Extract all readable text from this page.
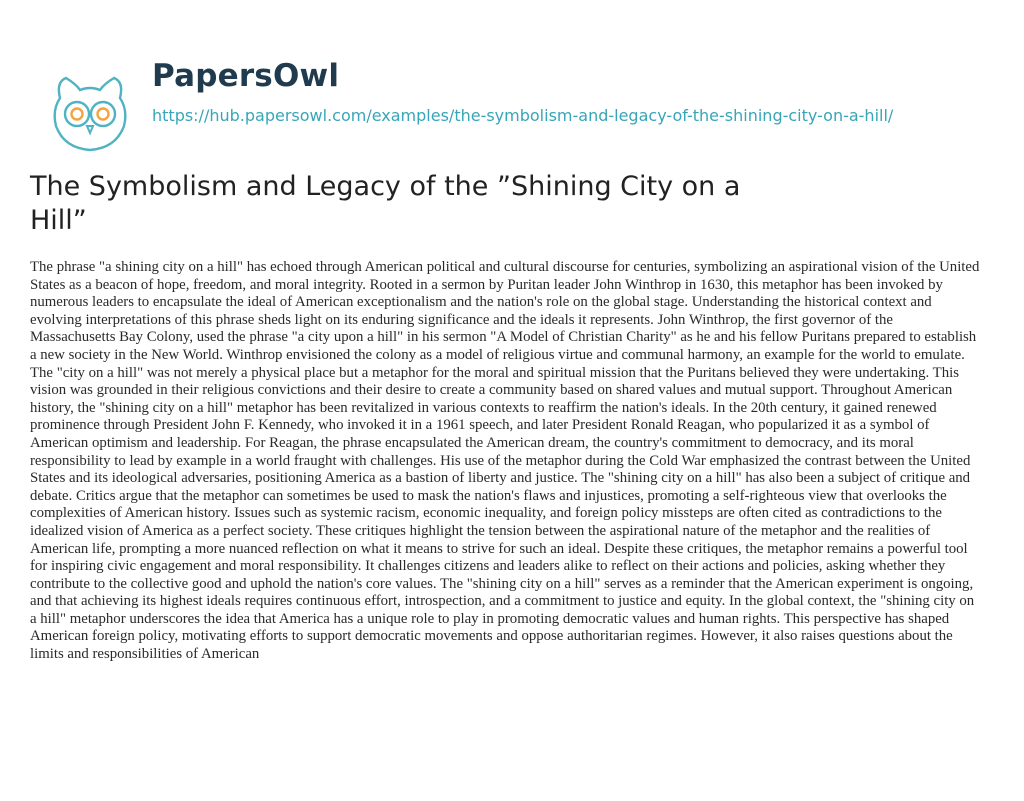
PapersOwl
https://hub.papersowl.com/examples/the-symbolism-and-legacy-of-the-shining-city-on-a-hill/
The Symbolism and Legacy of the ”Shining City on a Hill”

The phrase "a shining city on a hill" has echoed through American political and cultural discourse for centuries, symbolizing an aspirational vision of the United States as a beacon of hope, freedom, and moral integrity. Rooted in a sermon by Puritan leader John Winthrop in 1630, this metaphor has been invoked by numerous leaders to encapsulate the ideal of American exceptionalism and the nation's role on the global stage. Understanding the historical context and evolving interpretations of this phrase sheds light on its enduring significance and the ideals it represents. John Winthrop, the first governor of the Massachusetts Bay Colony, used the phrase "a city upon a hill" in his sermon "A Model of Christian Charity" as he and his fellow Puritans prepared to establish a new society in the New World. Winthrop envisioned the colony as a model of religious virtue and communal harmony, an example for the world to emulate. The "city on a hill" was not merely a physical place but a metaphor for the moral and spiritual mission that the Puritans believed they were undertaking. This vision was grounded in their religious convictions and their desire to create a community based on shared values and mutual support. Throughout American history, the "shining city on a hill" metaphor has been revitalized in various contexts to reaffirm the nation's ideals. In the 20th century, it gained renewed prominence through President John F. Kennedy, who invoked it in a 1961 speech, and later President Ronald Reagan, who popularized it as a symbol of American optimism and leadership. For Reagan, the phrase encapsulated the American dream, the country's commitment to democracy, and its moral responsibility to lead by example in a world fraught with challenges. His use of the metaphor during the Cold War emphasized the contrast between the United States and its ideological adversaries, positioning America as a bastion of liberty and justice. The "shining city on a hill" has also been a subject of critique and debate. Critics argue that the metaphor can sometimes be used to mask the nation's flaws and injustices, promoting a self-righteous view that overlooks the complexities of American history. Issues such as systemic racism, economic inequality, and foreign policy missteps are often cited as contradictions to the idealized vision of America as a perfect society. These critiques highlight the tension between the aspirational nature of the metaphor and the realities of American life, prompting a more nuanced reflection on what it means to strive for such an ideal. Despite these critiques, the metaphor remains a powerful tool for inspiring civic engagement and moral responsibility. It challenges citizens and leaders alike to reflect on their actions and policies, asking whether they contribute to the collective good and uphold the nation's core values. The "shining city on a hill" serves as a reminder that the American experiment is ongoing, and that achieving its highest ideals requires continuous effort, introspection, and a commitment to justice and equity. In the global context, the "shining city on a hill" metaphor underscores the idea that America has a unique role to play in promoting democratic values and human rights. This perspective has shaped American foreign policy, motivating efforts to support democratic movements and oppose authoritarian regimes. However, it also raises questions about the limits and responsibilities of American
